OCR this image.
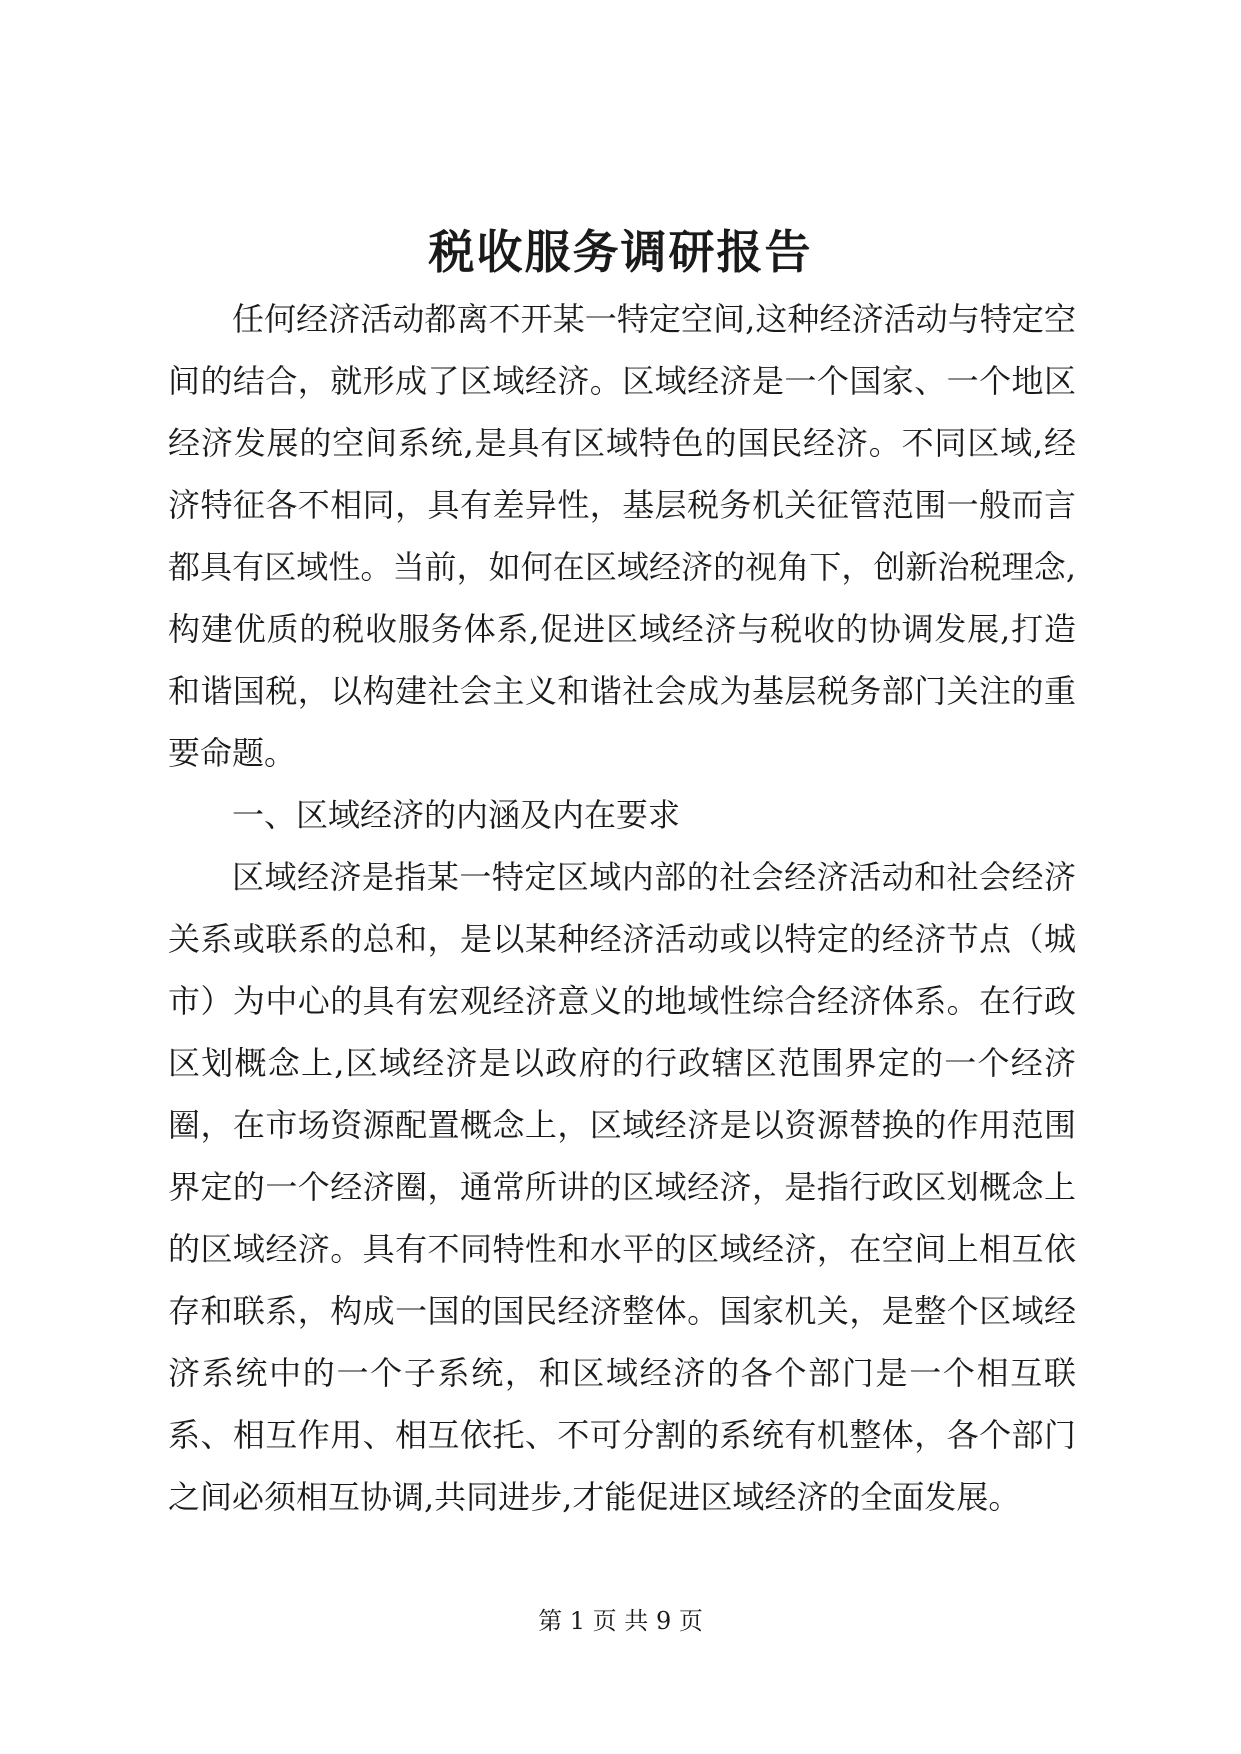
税收服务调研报告

任何经济活动都离不开某一特定空间,这种经济活动与特定空间的结合，就形成了区域经济。区域经济是一个国家、一个地区经济发展的空间系统,是具有区域特色的国民经济。不同区域,经济特征各不相同，具有差异性，基层税务机关征管范围一般而言都具有区域性。当前，如何在区域经济的视角下，创新治税理念,构建优质的税收服务体系,促进区域经济与税收的协调发展,打造和谐国税，以构建社会主义和谐社会成为基层税务部门关注的重要命题。

一、区域经济的内涵及内在要求

区域经济是指某一特定区域内部的社会经济活动和社会经济关系或联系的总和，是以某种经济活动或以特定的经济节点（城市）为中心的具有宏观经济意义的地域性综合经济体系。在行政区划概念上,区域经济是以政府的行政辖区范围界定的一个经济圈，在市场资源配置概念上，区域经济是以资源替换的作用范围界定的一个经济圈，通常所讲的区域经济，是指行政区划概念上的区域经济。具有不同特性和水平的区域经济，在空间上相互依存和联系，构成一国的国民经济整体。国家机关，是整个区域经济系统中的一个子系统，和区域经济的各个部门是一个相互联系、相互作用、相互依托、不可分割的系统有机整体，各个部门之间必须相互协调,共同进步,才能促进区域经济的全面发展。

第 1 页 共 9 页
